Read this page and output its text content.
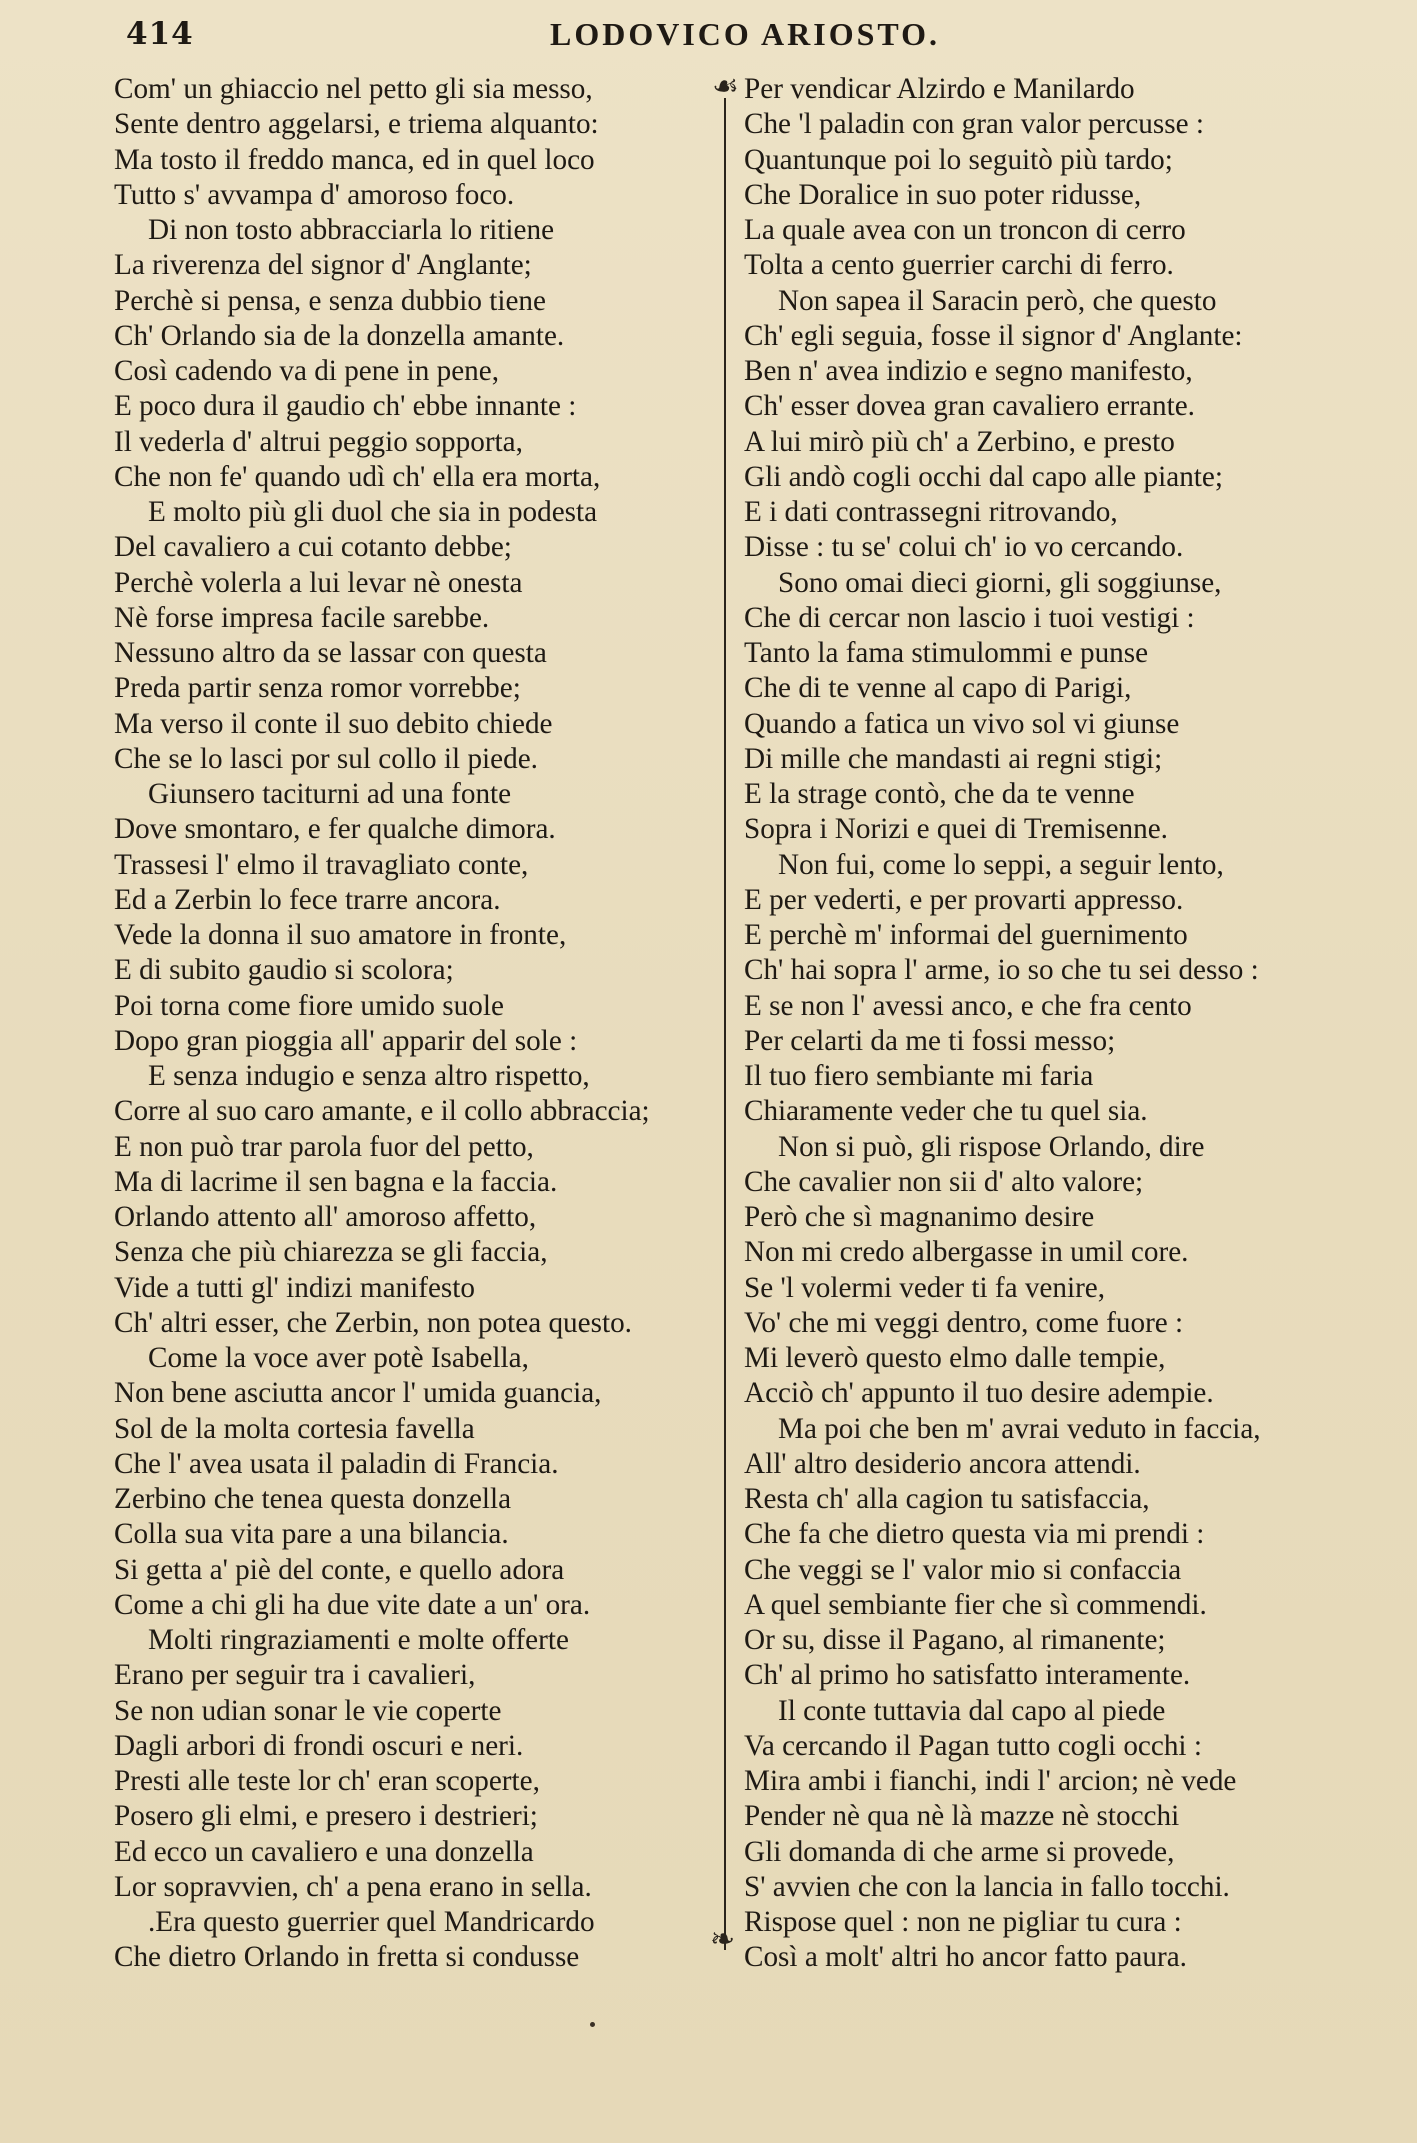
414	LODOVICO ARIOSTO.
Com' un ghiaccio nel petto gli sia messo,
Sente dentro aggelarsi, e triema alquanto:
Ma tosto il freddo manca, ed in quel loco
Tutto s' avvampa d' amoroso foco.
Di non tosto abbracciarla lo ritiene
La riverenza del signor d' Anglante;
Perchè si pensa, e senza dubbio tiene
Ch' Orlando sia de la donzella amante.
Così cadendo va di pene in pene,
E poco dura il gaudio ch' ebbe innante :
Il vederla d' altrui peggio sopporta,
Che non fe' quando udì ch' ella era morta,
E molto più gli duol che sia in podesta
Del cavaliero a cui cotanto debbe;
Perchè volerla a lui levar nè onesta
Nè forse impresa facile sarebbe.
Nessuno altro da se lassar con questa
Preda partir senza romor vorrebbe;
Ma verso il conte il suo debito chiede
Che se lo lasci por sul collo il piede.
Giunsero taciturni ad una fonte
Dove smontaro, e fer qualche dimora.
Trassesi l' elmo il travagliato conte,
Ed a Zerbin lo fece trarre ancora.
Vede la donna il suo amatore in fronte,
E di subito gaudio si scolora;
Poi torna come fiore umido suole
Dopo gran pioggia all' apparir del sole :
E senza indugio e senza altro rispetto,
Corre al suo caro amante, e il collo abbraccia;
E non può trar parola fuor del petto,
Ma di lacrime il sen bagna e la faccia.
Orlando attento all' amoroso affetto,
Senza che più chiarezza se gli faccia,
Vide a tutti gl' indizi manifesto
Ch' altri esser, che Zerbin, non potea questo.
Come la voce aver potè Isabella,
Non bene asciutta ancor l' umida guancia,
Sol de la molta cortesia favella
Che l' avea usata il paladin di Francia.
Zerbino che tenea questa donzella
Colla sua vita pare a una bilancia.
Si getta a' piè del conte, e quello adora
Come a chi gli ha due vite date a un' ora.
Molti ringraziamenti e molte offerte
Erano per seguir tra i cavalieri,
Se non udian sonar le vie coperte
Dagli arbori di frondi oscuri e neri.
Presti alle teste lor ch' eran scoperte,
Posero gli elmi, e presero i destrieri;
Ed ecco un cavaliero e una donzella
Lor sopravvien, ch' a pena erano in sella.
.Era questo guerrier quel Mandricardo
Che dietro Orlando in fretta si condusse
☙
❧
Per vendicar Alzirdo e Manilardo
Che 'l paladin con gran valor percusse :
Quantunque poi lo seguitò più tardo;
Che Doralice in suo poter ridusse,
La quale avea con un troncon di cerro
Tolta a cento guerrier carchi di ferro.
Non sapea il Saracin però, che questo
Ch' egli seguia, fosse il signor d' Anglante:
Ben n' avea indizio e segno manifesto,
Ch' esser dovea gran cavaliero errante.
A lui mirò più ch' a Zerbino, e presto
Gli andò cogli occhi dal capo alle piante;
E i dati contrassegni ritrovando,
Disse : tu se' colui ch' io vo cercando.
Sono omai dieci giorni, gli soggiunse,
Che di cercar non lascio i tuoi vestigi :
Tanto la fama stimulommi e punse
Che di te venne al capo di Parigi,
Quando a fatica un vivo sol vi giunse
Di mille che mandasti ai regni stigi;
E la strage contò, che da te venne
Sopra i Norizi e quei di Tremisenne.
Non fui, come lo seppi, a seguir lento,
E per vederti, e per provarti appresso.
E perchè m' informai del guernimento
Ch' hai sopra l' arme, io so che tu sei desso :
E se non l' avessi anco, e che fra cento
Per celarti da me ti fossi messo;
Il tuo fiero sembiante mi faria
Chiaramente veder che tu quel sia.
Non si può, gli rispose Orlando, dire
Che cavalier non sii d' alto valore;
Però che sì magnanimo desire
Non mi credo albergasse in umil core.
Se 'l volermi veder ti fa venire,
Vo' che mi veggi dentro, come fuore :
Mi leverò questo elmo dalle tempie,
Acciò ch' appunto il tuo desire adempie.
Ma poi che ben m' avrai veduto in faccia,
All' altro desiderio ancora attendi.
Resta ch' alla cagion tu satisfaccia,
Che fa che dietro questa via mi prendi :
Che veggi se l' valor mio si confaccia
A quel sembiante fier che sì commendi.
Or su, disse il Pagano, al rimanente;
Ch' al primo ho satisfatto interamente.
Il conte tuttavia dal capo al piede
Va cercando il Pagan tutto cogli occhi :
Mira ambi i fianchi, indi l' arcion; nè vede
Pender nè qua nè là mazze nè stocchi
Gli domanda di che arme si provede,
S' avvien che con la lancia in fallo tocchi.
Rispose quel : non ne pigliar tu cura :
Così a molt' altri ho ancor fatto paura.
